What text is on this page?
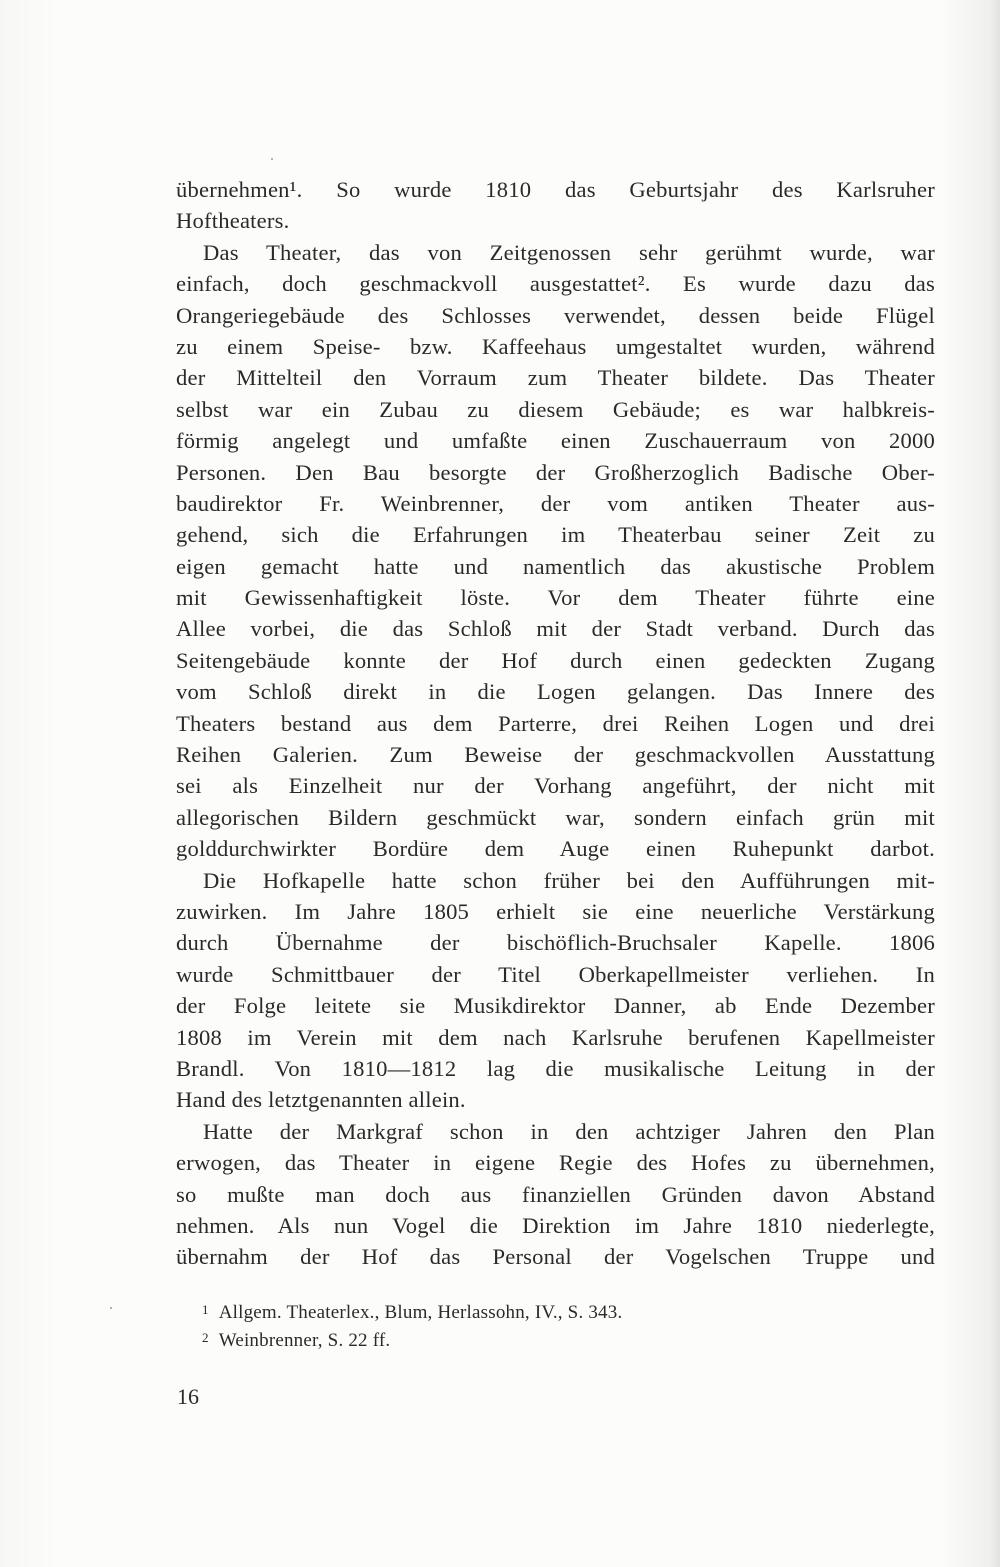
übernehmen¹. So wurde 1810 das Geburtsjahr des Karlsruher
Hoftheaters.
Das Theater, das von Zeitgenossen sehr gerühmt wurde, war
einfach, doch geschmackvoll ausgestattet². Es wurde dazu das
Orangeriegebäude des Schlosses verwendet, dessen beide Flügel
zu einem Speise- bzw. Kaffeehaus umgestaltet wurden, während
der Mittelteil den Vorraum zum Theater bildete. Das Theater
selbst war ein Zubau zu diesem Gebäude; es war halbkreis-
förmig angelegt und umfaßte einen Zuschauerraum von 2000
Personen. Den Bau besorgte der Großherzoglich Badische Ober-
baudirektor Fr. Weinbrenner, der vom antiken Theater aus-
gehend, sich die Erfahrungen im Theaterbau seiner Zeit zu
eigen gemacht hatte und namentlich das akustische Problem
mit Gewissenhaftigkeit löste. Vor dem Theater führte eine
Allee vorbei, die das Schloß mit der Stadt verband. Durch das
Seitengebäude konnte der Hof durch einen gedeckten Zugang
vom Schloß direkt in die Logen gelangen. Das Innere des
Theaters bestand aus dem Parterre, drei Reihen Logen und drei
Reihen Galerien. Zum Beweise der geschmackvollen Ausstattung
sei als Einzelheit nur der Vorhang angeführt, der nicht mit
allegorischen Bildern geschmückt war, sondern einfach grün mit
golddurchwirkter Bordüre dem Auge einen Ruhepunkt darbot.
Die Hofkapelle hatte schon früher bei den Aufführungen mit-
zuwirken. Im Jahre 1805 erhielt sie eine neuerliche Verstärkung
durch Übernahme der bischöflich-Bruchsaler Kapelle. 1806
wurde Schmittbauer der Titel Oberkapellmeister verliehen. In
der Folge leitete sie Musikdirektor Danner, ab Ende Dezember
1808 im Verein mit dem nach Karlsruhe berufenen Kapellmeister
Brandl. Von 1810—1812 lag die musikalische Leitung in der
Hand des letztgenannten allein.
Hatte der Markgraf schon in den achtziger Jahren den Plan
erwogen, das Theater in eigene Regie des Hofes zu übernehmen,
so mußte man doch aus finanziellen Gründen davon Abstand
nehmen. Als nun Vogel die Direktion im Jahre 1810 niederlegte,
übernahm der Hof das Personal der Vogelschen Truppe und
$^1$ Allgem. Theaterlex., Blum, Herlassohn, IV., S. 343.
$^2$ Weinbrenner, S. 22 ff.
16
